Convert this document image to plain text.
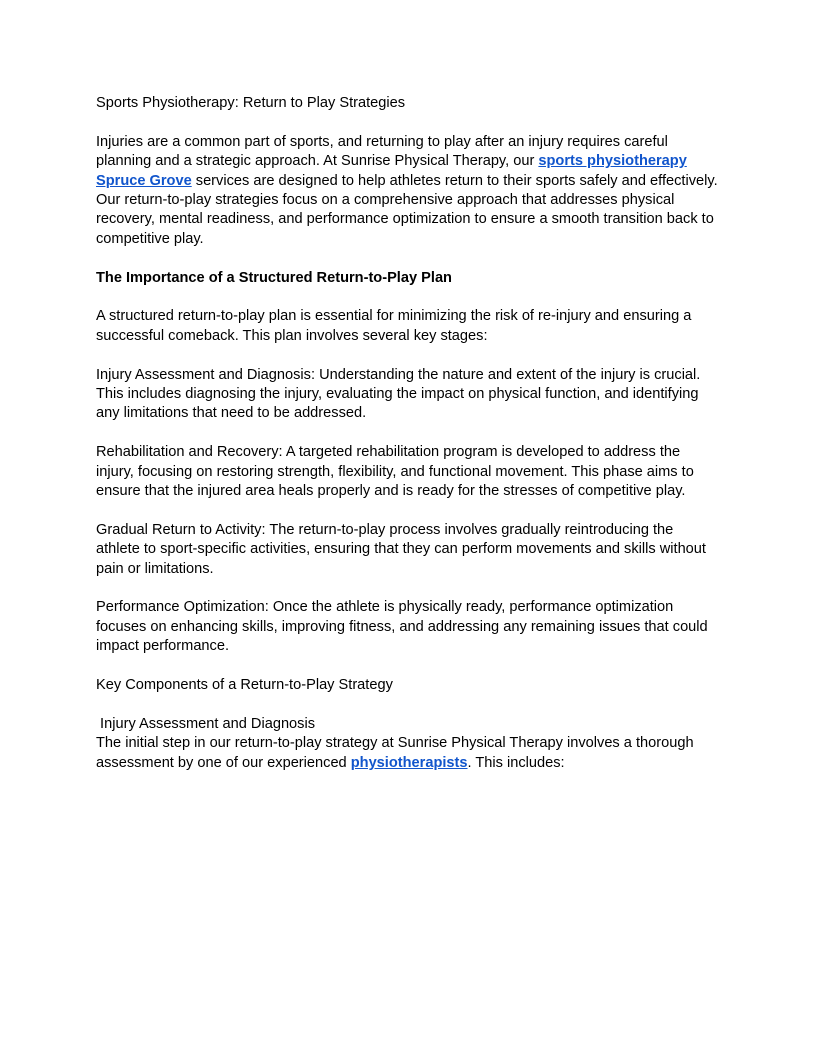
Sports Physiotherapy: Return to Play Strategies

Injuries are a common part of sports, and returning to play after an injury requires careful planning and a strategic approach. At Sunrise Physical Therapy, our sports physiotherapy Spruce Grove services are designed to help athletes return to their sports safely and effectively. Our return-to-play strategies focus on a comprehensive approach that addresses physical recovery, mental readiness, and performance optimization to ensure a smooth transition back to competitive play.

The Importance of a Structured Return-to-Play Plan

A structured return-to-play plan is essential for minimizing the risk of re-injury and ensuring a successful comeback. This plan involves several key stages:

Injury Assessment and Diagnosis: Understanding the nature and extent of the injury is crucial. This includes diagnosing the injury, evaluating the impact on physical function, and identifying any limitations that need to be addressed.

Rehabilitation and Recovery: A targeted rehabilitation program is developed to address the injury, focusing on restoring strength, flexibility, and functional movement. This phase aims to ensure that the injured area heals properly and is ready for the stresses of competitive play.

Gradual Return to Activity: The return-to-play process involves gradually reintroducing the athlete to sport-specific activities, ensuring that they can perform movements and skills without pain or limitations.

Performance Optimization: Once the athlete is physically ready, performance optimization focuses on enhancing skills, improving fitness, and addressing any remaining issues that could impact performance.

Key Components of a Return-to-Play Strategy

Injury Assessment and Diagnosis

The initial step in our return-to-play strategy at Sunrise Physical Therapy involves a thorough assessment by one of our experienced physiotherapists. This includes:
